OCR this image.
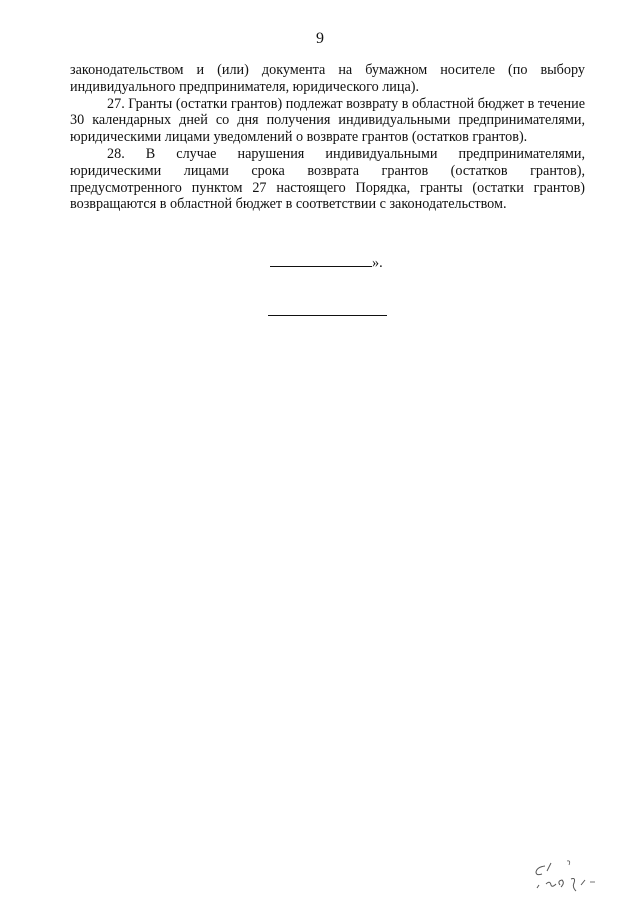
9

законодательством и (или) документа на бумажном носителе (по выбору индивидуального предпринимателя, юридического лица).

27. Гранты (остатки грантов) подлежат возврату в областной бюджет в течение 30 календарных дней со дня получения индивидуальными предпринимателями, юридическими лицами уведомлений о возврате грантов (остатков грантов).

28. В случае нарушения индивидуальными предпринимателями, юридическими лицами срока возврата грантов (остатков грантов), предусмотренного пунктом 27 настоящего Порядка, гранты (остатки грантов) возвращаются в областной бюджет в соответствии с законодательством.

».
